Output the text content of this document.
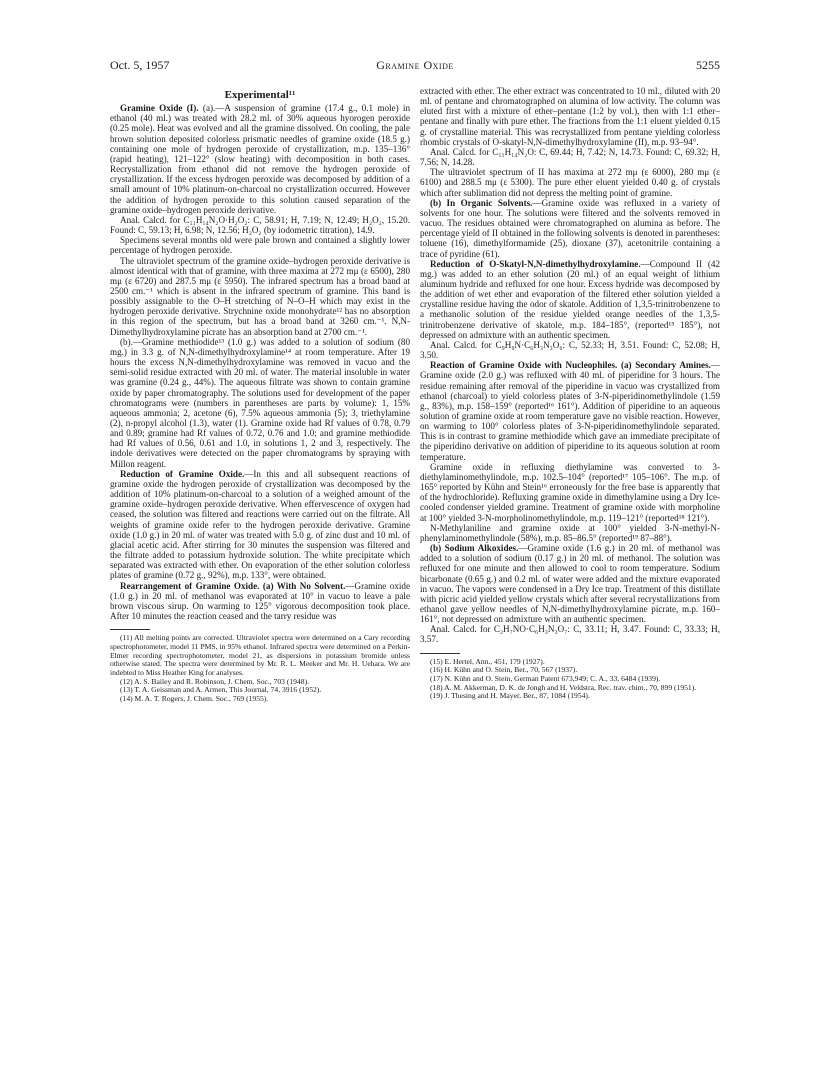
Oct. 5, 1957	Gramine Oxide	5255
Experimental¹¹

Gramine Oxide (I). (a).—A suspension of gramine (17.4 g., 0.1 mole) in ethanol (40 ml.) was treated with 28.2 ml. of 30% aqueous hyorogen peroxide (0.25 mole). Heat was evolved and all the gramine dissolved. On cooling, the pale brown solution deposited colorless prismatic needles of gramine oxide (18.5 g.) containing one mole of hydrogen peroxide of crystallization, m.p. 135–136° (rapid heating), 121–122° (slow heating) with decomposition in both cases. Recrystallization from ethanol did not remove the hydrogen peroxide of crystallization. If the excess hydrogen peroxide was decomposed by addition of a small amount of 10% platinum-on-charcoal no crystallization occurred. However the addition of hydrogen peroxide to this solution caused separation of the gramine oxide–hydrogen peroxide derivative.

Anal. Calcd. for C₁₁H₁₄N₂O·H₂O₂: C, 58.91; H, 7.19; N, 12.49; H₂O₂, 15.20. Found: C, 59.13; H, 6.98; N, 12.56; H₂O₂ (by iodometric titration), 14.9.

Specimens several months old were pale brown and contained a slightly lower percentage of hydrogen peroxide.

The ultraviolet spectrum of the gramine oxide–hydrogen peroxide derivative is almost identical with that of gramine, with three maxima at 272 mμ (ε 6500), 280 mμ (ε 6720) and 287.5 mμ (ε 5950). The infrared spectrum has a broad band at 2500 cm.⁻¹ which is absent in the infrared spectrum of gramine. This band is possibly assignable to the O–H stretching of N–O–H which may exist in the hydrogen peroxide derivative. Strychnine oxide monohydrate¹² has no absorption in this region of the spectrum, but has a broad band at 3260 cm.⁻¹. N,N-Dimethylhydroxylamine picrate has an absorption band at 2700 cm.⁻¹.

(b).—Gramine methiodide¹³ (1.0 g.) was added to a solution of sodium (80 mg.) in 3.3 g. of N,N-dimethylhydroxylamine¹⁴ at room temperature. After 19 hours the excess N,N-dimethylhydroxylamine was removed in vacuo and the semi-solid residue extracted with 20 ml. of water. The material insoluble in water was gramine (0.24 g., 44%). The aqueous filtrate was shown to contain gramine oxide by paper chromatography. The solutions used for development of the paper chromatograms were (numbers in parentheses are parts by volume): 1, 15% aqueous ammonia; 2, acetone (6), 7.5% aqueous ammonia (5); 3, triethylamine (2), n-propyl alcohol (1.3), water (1). Gramine oxide had Rf values of 0.78, 0.79 and 0.89; gramine had Rf values of 0.72, 0.76 and 1.0; and gramine methiodide had Rf values of 0.56, 0.61 and 1.0, in solutions 1, 2 and 3, respectively. The indole derivatives were detected on the paper chromatograms by spraying with Millon reagent.

Reduction of Gramine Oxide.—In this and all subsequent reactions of gramine oxide the hydrogen peroxide of crystallization was decomposed by the addition of 10% platinum-on-charcoal to a solution of a weighed amount of the gramine oxide–hydrogen peroxide derivative. When effervescence of oxygen had ceased, the solution was filtered and reactions were carried out on the filtrate. All weights of gramine oxide refer to the hydrogen peroxide derivative. Gramine oxide (1.0 g.) in 20 ml. of water was treated with 5.0 g. of zinc dust and 10 ml. of glacial acetic acid. After stirring for 30 minutes the suspension was filtered and the filtrate added to potassium hydroxide solution. The white precipitate which separated was extracted with ether. On evaporation of the ether solution colorless plates of gramine (0.72 g., 92%), m.p. 133°, were obtained.

Rearrangement of Gramine Oxide. (a) With No Solvent.—Gramine oxide (1.0 g.) in 20 ml. of methanol was evaporated at 10° in vacuo to leave a pale brown viscous sirup. On warming to 125° vigorous decomposition took place. After 10 minutes the reaction ceased and the tarry residue was

(11) All melting points are corrected. Ultraviolet spectra were determined on a Cary recording spectrophotometer, model 11 PMS, in 95% ethanol. Infrared spectra were determined on a Perkin-Elmer recording spectrophotometer, model 21, as dispersions in potassium bromide unless otherwise stated. The spectra were determined by Mr. R. L. Meeker and Mr. H. Uehara. We are indebted to Miss Heather King for analyses.

(12) A. S. Bailey and R. Robinson, J. Chem. Soc., 703 (1948).

(13) T. A. Geissman and A. Armen, This Journal, 74, 3916 (1952).

(14) M. A. T. Rogers, J. Chem. Soc., 769 (1955).

extracted with ether. The ether extract was concentrated to 10 ml., diluted with 20 ml. of pentane and chromatographed on alumina of low activity. The column was eluted first with a mixture of ether–pentane (1:2 by vol.), then with 1:1 ether–pentane and finally with pure ether. The fractions from the 1:1 eluent yielded 0.15 g. of crystalline material. This was recrystallized from pentane yielding colorless rhombic crystals of O-skatyl-N,N-dimethylhydroxylamine (II), m.p. 93–94°.

Anal. Calcd. for C₁₁H₁₄N₂O: C, 69.44; H, 7.42; N, 14.73. Found: C, 69.32; H, 7.56; N, 14.28.

The ultraviolet spectrum of II has maxima at 272 mμ (ε 6000), 280 mμ (ε 6100) and 288.5 mμ (ε 5300). The pure ether eluent yielded 0.40 g. of crystals which after sublimation did not depress the melting point of gramine.

(b) In Organic Solvents.—Gramine oxide was refluxed in a variety of solvents for one hour. The solutions were filtered and the solvents removed in vacuo. The residues obtained were chromatographed on alumina as before. The percentage yield of II obtained in the following solvents is denoted in parentheses: toluene (16), dimethylformamide (25), dioxane (37), acetonitrile containing a trace of pyridine (61).

Reduction of O-Skatyl-N,N-dimethylhydroxylamine.—Compound II (42 mg.) was added to an ether solution (20 ml.) of an equal weight of lithium aluminum hydride and refluxed for one hour. Excess hydride was decomposed by the addition of wet ether and evaporation of the filtered ether solution yielded a crystalline residue having the odor of skatole. Addition of 1,3,5-trinitrobenzene to a methanolic solution of the residue yielded orange needles of the 1,3,5-trinitrobenzene derivative of skatole, m.p. 184–185°, (reported¹⁵ 185°), not depressed on admixture with an authentic specimen.

Anal. Calcd. for C₉H₉N·C₆H₃N₃O₆: C, 52.33; H, 3.51. Found: C, 52.08; H, 3.50.

Reaction of Gramine Oxide with Nucleophiles. (a) Secondary Amines.—Gramine oxide (2.0 g.) was refluxed with 40 ml. of piperidine for 3 hours. The residue remaining after removal of the piperidine in vacuo was crystallized from ethanol (charcoal) to yield colorless plates of 3-N-piperidinomethylindole (1.59 g., 83%), m.p. 158–159° (reported¹⁶ 161°). Addition of piperidine to an aqueous solution of gramine oxide at room temperature gave no visible reaction. However, on warming to 100° colorless plates of 3-N-piperidinomethylindole separated. This is in contrast to gramine methiodide which gave an immediate precipitate of the piperidino derivative on addition of piperidine to its aqueous solution at room temperature.

Gramine oxide in refluxing diethylamine was converted to 3-diethylaminomethylindole, m.p. 102.5–104° (reported¹⁷ 105–106°. The m.p. of 165° reported by Kühn and Stein¹⁶ erroneously for the free base is apparently that of the hydrochloride). Refluxing gramine oxide in dimethylamine using a Dry Ice-cooled condenser yielded gramine. Treatment of gramine oxide with morpholine at 100° yielded 3-N-morpholinomethylindole, m.p. 119–121° (reported¹⁸ 121°).

N-Methylaniline and gramine oxide at 100° yielded 3-N-methyl-N-phenylaminomethylindole (58%), m.p. 85–86.5° (reported¹⁹ 87–88°).

(b) Sodium Alkoxides.—Gramine oxide (1.6 g.) in 20 ml. of methanol was added to a solution of sodium (0.17 g.) in 20 ml. of methanol. The solution was refluxed for one minute and then allowed to cool to room temperature. Sodium bicarbonate (0.65 g.) and 0.2 ml. of water were added and the mixture evaporated in vacuo. The vapors were condensed in a Dry Ice trap. Treatment of this distillate with picric acid yielded yellow crystals which after several recrystallizations from ethanol gave yellow needles of N,N-dimethylhydroxylamine picrate, m.p. 160–161°, not depressed on admixture with an authentic specimen.

Anal. Calcd. for C₂H₇NO·C₆H₃N₃O₇: C, 33.11; H, 3.47. Found: C, 33.33; H, 3.57.

(15) E. Hertel, Ann., 451, 179 (1927).

(16) H. Kühn and O. Stein, Ber., 70, 567 (1937).

(17) N. Kühn and O. Stein, German Patent 673,949; C. A., 33, 6484 (1939).

(18) A. M. Akkerman, D. K. de Jongh and H. Veldstra, Rec. trav. chim., 70, 899 (1951).

(19) J. Thesing and H. Mayer, Ber., 87, 1084 (1954).
